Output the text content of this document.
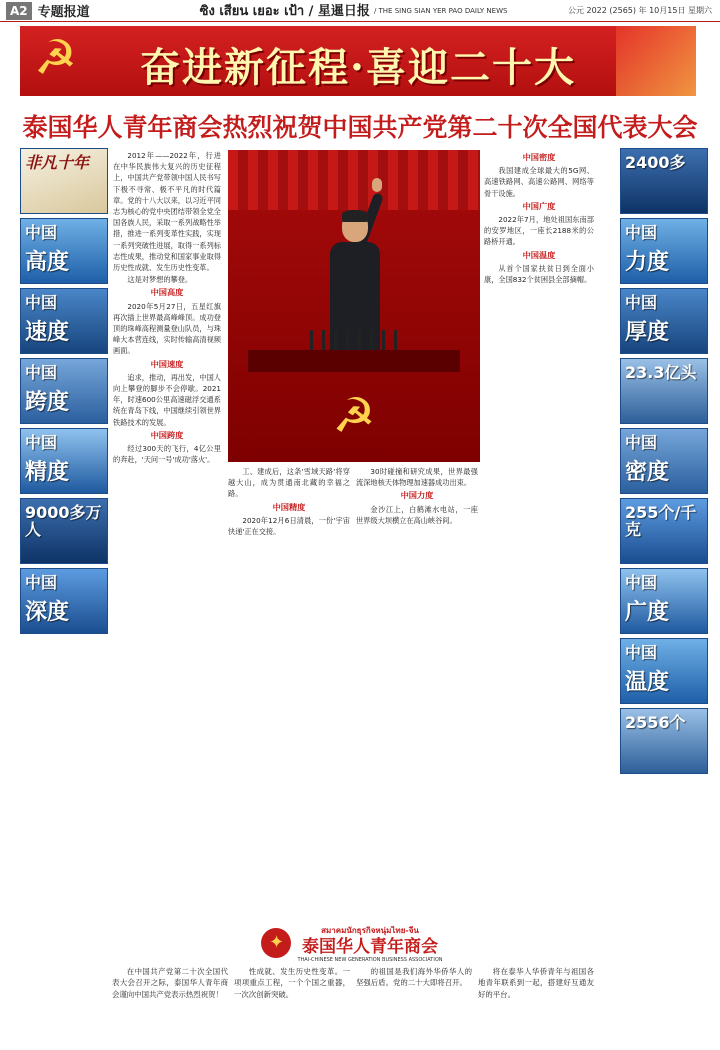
A2 专题报道	ซิง เสียน เยอะ เป้า / 星暹日报 / THE SING SIAN YER PAO DAILY NEWS	公元 2022 (2565) 年 10月15日 星期六
☭	奋进新征程·喜迎二十大
泰国华人青年商会热烈祝贺中国共产党第二十次全国代表大会
非凡十年
中国
高度
中国
速度
中国
跨度
中国
精度
9000多万人
中国
深度
2400多
中国
力度
中国
厚度
23.3亿头
中国
密度
255个/千克
中国
广度
中国
温度
2556个

2012年——2022年，行进在中华民族伟大复兴的历史征程上，中国共产党带领中国人民书写下极不寻常、极不平凡的时代篇章。党的十八大以来，以习近平同志为核心的党中央团结带领全党全国各族人民，采取一系列战略性举措，推进一系列变革性实践，实现一系列突破性进展，取得一系列标志性成果，推动党和国家事业取得历史性成就、发生历史性变革。

这是对梦想的攀登。

中国高度

2020年5月27日，五星红旗再次插上世界最高峰峰顶。成功登顶的珠峰高程测量登山队员，与珠峰大本营连线，实时传输高清视频画面。

中国速度

追求，推动，再出发，中国人向上攀登的脚步不会停歇。2021年，时速600公里高速磁浮交通系统在青岛下线，中国继续引领世界铁路技术的发展。

中国跨度

经过300天的飞行，4亿公里的奔赴，'天问一号'成功'落火'。

☭

工、建成后，这条'雪域天路'将穿越大山，成为贯通南北藏的幸福之路。

中国精度

2020年12月6日清晨，一份'宇宙快递'正在交接。

30时碰撞和研究成果，世界最强流深地核天体物理加速器成功出束。

中国力度

金沙江上，白鹤滩水电站，一座世界级大坝横立在高山峡谷间。

中国密度

我国建成全球最大的5G网、高速铁路网、高速公路网、网络等骨干设施。

中国广度

2022年7月，地处祖国东南部的安罗地区，一座长2188米的公路桥开通。

中国温度

从首个国家扶贫日到全面小康，全国832个贫困县全部摘帽。

✦
สมาคมนักธุรกิจหนุ่มไทย-จีน
泰国华人青年商会
THAI-CHINESE NEW GENERATION BUSINESS ASSOCIATION

在中国共产党第二十次全国代表大会召开之际，泰国华人青年商会谨向中国共产党表示热烈祝贺！

性成就、发生历史性变革。一项项重点工程，一个个国之重器，一次次创新突破。

的祖国是我们海外华侨华人的坚强后盾。党的二十大即将召开。

将在泰华人华侨青年与祖国各地青年联系到一起，搭建好互通友好的平台。
